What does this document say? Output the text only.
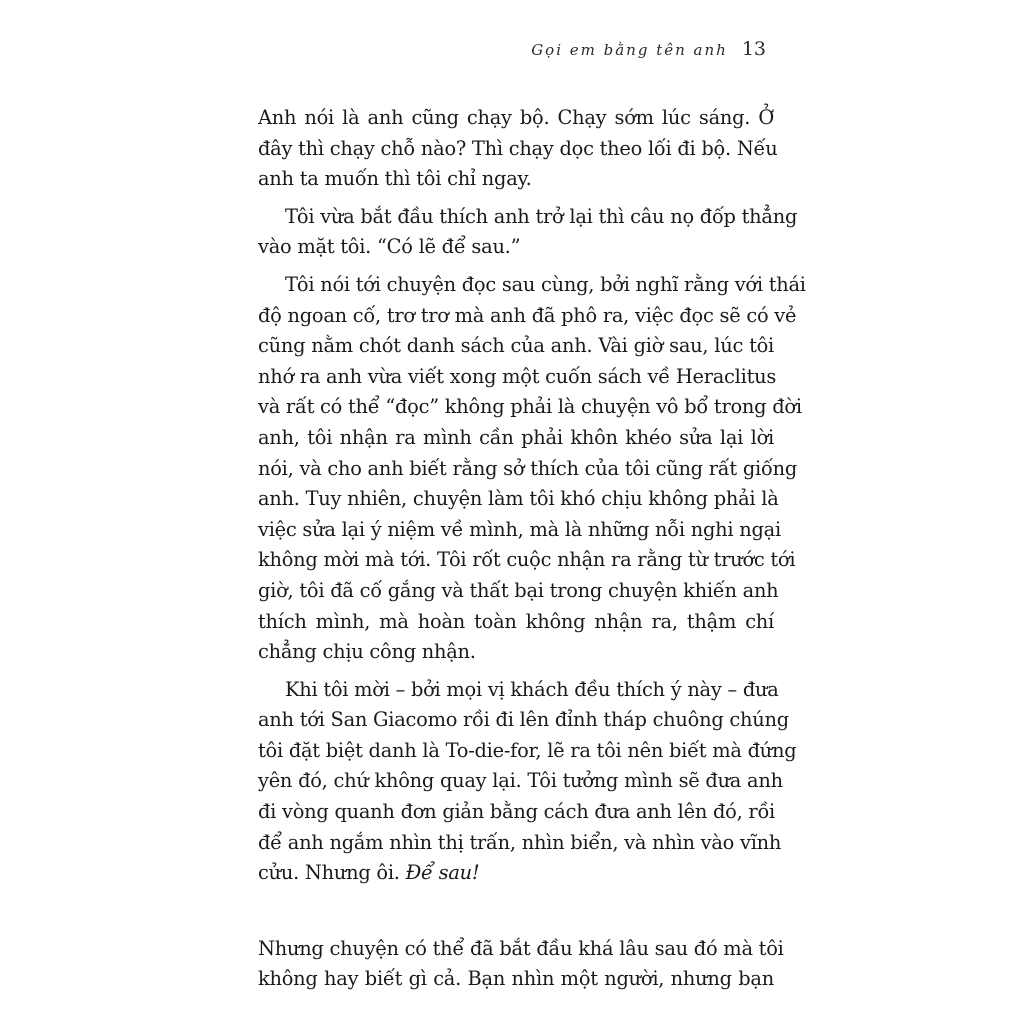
Gọi em bằng tên anh 13
Anh nói là anh cũng chạy bộ. Chạy sớm lúc sáng. Ở
đây thì chạy chỗ nào? Thì chạy dọc theo lối đi bộ. Nếu
anh ta muốn thì tôi chỉ ngay.
Tôi vừa bắt đầu thích anh trở lại thì câu nọ đốp thẳng
vào mặt tôi. “Có lẽ để sau.”
Tôi nói tới chuyện đọc sau cùng, bởi nghĩ rằng với thái
độ ngoan cố, trơ trơ mà anh đã phô ra, việc đọc sẽ có vẻ
cũng nằm chót danh sách của anh. Vài giờ sau, lúc tôi
nhớ ra anh vừa viết xong một cuốn sách về Heraclitus
và rất có thể “đọc” không phải là chuyện vô bổ trong đời
anh, tôi nhận ra mình cần phải khôn khéo sửa lại lời
nói, và cho anh biết rằng sở thích của tôi cũng rất giống
anh. Tuy nhiên, chuyện làm tôi khó chịu không phải là
việc sửa lại ý niệm về mình, mà là những nỗi nghi ngại
không mời mà tới. Tôi rốt cuộc nhận ra rằng từ trước tới
giờ, tôi đã cố gắng và thất bại trong chuyện khiến anh
thích mình, mà hoàn toàn không nhận ra, thậm chí
chẳng chịu công nhận.
Khi tôi mời – bởi mọi vị khách đều thích ý này – đưa
anh tới San Giacomo rồi đi lên đỉnh tháp chuông chúng
tôi đặt biệt danh là To-die-for, lẽ ra tôi nên biết mà đứng
yên đó, chứ không quay lại. Tôi tưởng mình sẽ đưa anh
đi vòng quanh đơn giản bằng cách đưa anh lên đó, rồi
để anh ngắm nhìn thị trấn, nhìn biển, và nhìn vào vĩnh
cửu. Nhưng ôi. Để sau!
Nhưng chuyện có thể đã bắt đầu khá lâu sau đó mà tôi
không hay biết gì cả. Bạn nhìn một người, nhưng bạn
